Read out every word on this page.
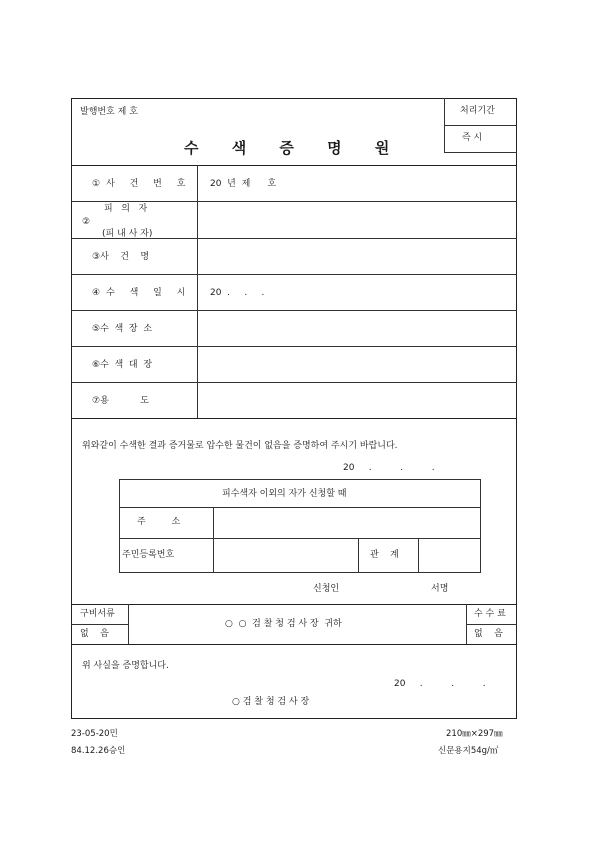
발행번호 제 호
수 색 증 명 원
처리기간
즉 시
①사 건 번 호 20  년  제      호
피   의   자
②
(피 내 사 자)
③사    건    명
④수 색 일 시 20  .     .     .
⑤수  색  장  소
⑥수  색  대  장
⑦용           도
위와같이 수색한 결과 증거물로 압수한 물건이 없음을 증명하여 주시기 바랍니다.
20     .          .          .
피수색자 이외의 자가 신청할 때
주         소
주민등록번호	관    계
신청인	서명
구비서류
없    음
○  ○  검 찰 청 검 사 장  귀하
수 수 료
없    음
위 사실을 증명합니다.
20     .          .          .
○ 검 찰 청 검 사 장
23-05-20민
84.12.26승인
210㎜×297㎜
신문용지54g/㎡
